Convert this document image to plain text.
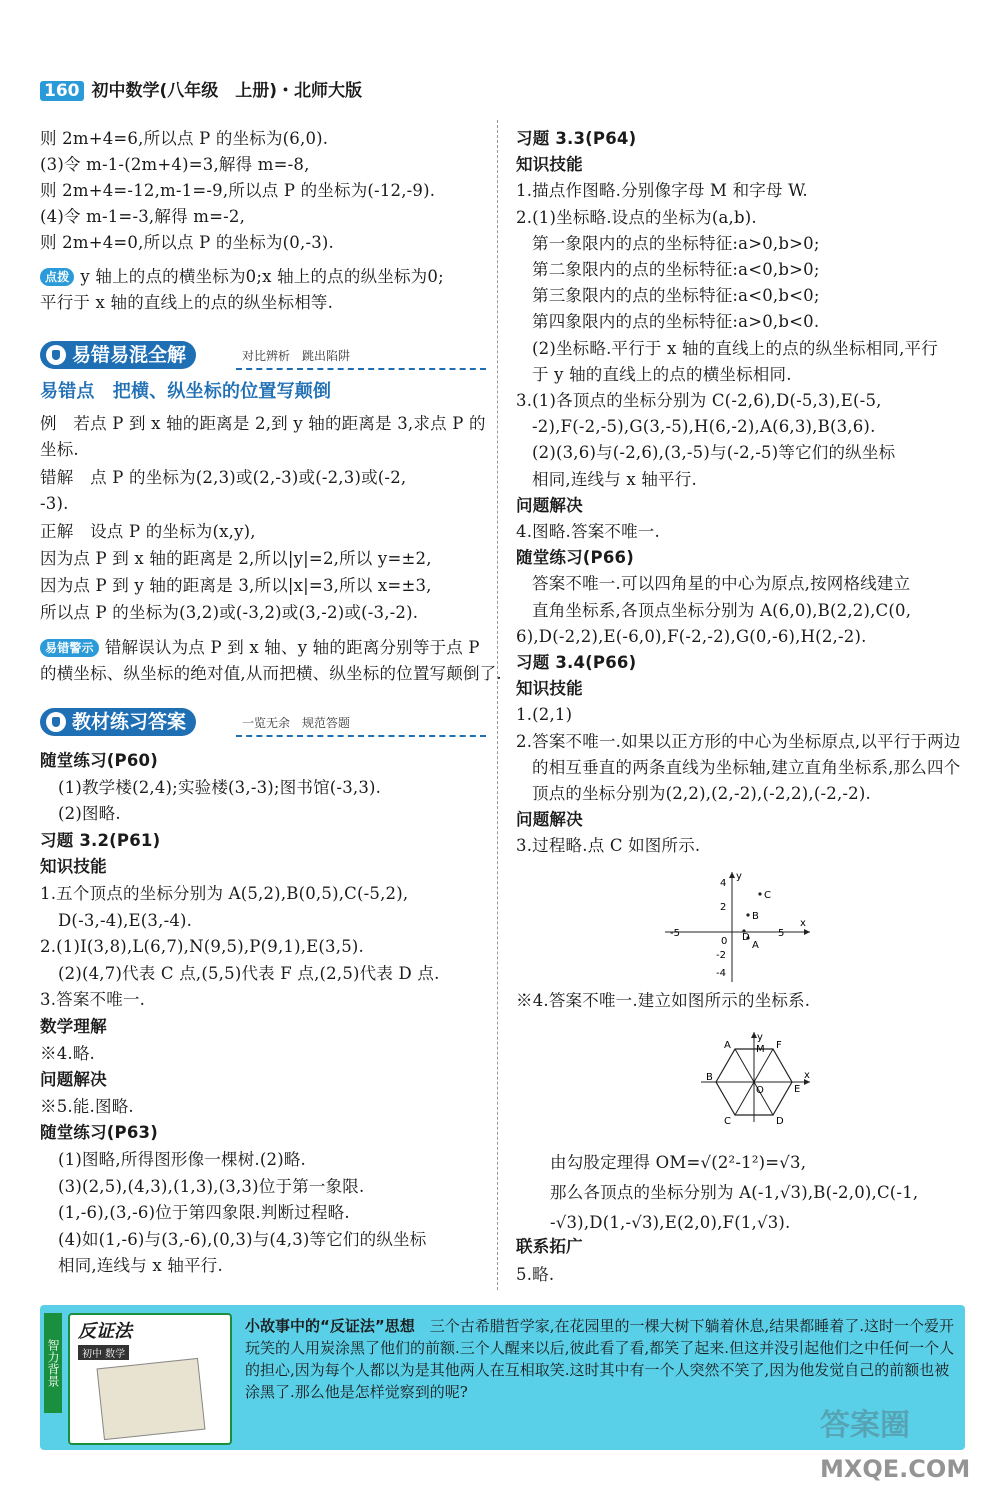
160 初中数学(八年级　上册)・北师大版
易错易混全解	对比辨析　跳出陷阱
教材练习答案	一览无余　规范答题
y
4
2
0
-2
-4
-5	5
x
C
B
A
D
y
M
A	F
B
O	E
x
C	D
智力背景
反证法
初中 数学
小故事中的“反证法”思想　 三个古希腊哲学家,在花园里的一棵大树下躺着休息,结果都睡着了.这时一个爱开玩笑的人用炭涂黑了他们的前额.三个人醒来以后,彼此看了看,都笑了起来.但这并没引起他们之中任何一个人的担心,因为每个人都以为是其他两人在互相取笑.这时其中有一个人突然不笑了,因为他发觉自己的前额也被涂黑了.那么他是怎样觉察到的呢?
答案圈
MXQE.COM
则 2m+4=6,所以点 P 的坐标为(6,0).
(3)令 m-1-(2m+4)=3,解得 m=-8,
则 2m+4=-12,m-1=-9,所以点 P 的坐标为(-12,-9).
(4)令 m-1=-3,解得 m=-2,
则 2m+4=0,所以点 P 的坐标为(0,-3).
点拨 y 轴上的点的横坐标为0;x 轴上的点的纵坐标为0;
平行于 x 轴的直线上的点的纵坐标相等.
易错点　把横、纵坐标的位置写颠倒
例　若点 P 到 x 轴的距离是 2,到 y 轴的距离是 3,求点 P 的
坐标.
错解　点 P 的坐标为(2,3)或(2,-3)或(-2,3)或(-2,
-3).
正解　设点 P 的坐标为(x,y),
因为点 P 到 x 轴的距离是 2,所以|y|=2,所以 y=±2,
因为点 P 到 y 轴的距离是 3,所以|x|=3,所以 x=±3,
所以点 P 的坐标为(3,2)或(-3,2)或(3,-2)或(-3,-2).
易错警示 错解误认为点 P 到 x 轴、y 轴的距离分别等于点 P
的横坐标、纵坐标的绝对值,从而把横、纵坐标的位置写颠倒了.
随堂练习(P60)
(1)教学楼(2,4);实验楼(3,-3);图书馆(-3,3).
(2)图略.
习题 3.2(P61)
知识技能
1.五个顶点的坐标分别为 A(5,2),B(0,5),C(-5,2),
D(-3,-4),E(3,-4).
2.(1)I(3,8),L(6,7),N(9,5),P(9,1),E(3,5).
(2)(4,7)代表 C 点,(5,5)代表 F 点,(2,5)代表 D 点.
3.答案不唯一.
数学理解
※4.略.
问题解决
※5.能.图略.
随堂练习(P63)
(1)图略,所得图形像一棵树.(2)略.
(3)(2,5),(4,3),(1,3),(3,3)位于第一象限.
(1,-6),(3,-6)位于第四象限.判断过程略.
(4)如(1,-6)与(3,-6),(0,3)与(4,3)等它们的纵坐标
相同,连线与 x 轴平行.
习题 3.3(P64)
知识技能
1.描点作图略.分别像字母 M 和字母 W.
2.(1)坐标略.设点的坐标为(a,b).
第一象限内的点的坐标特征:a>0,b>0;
第二象限内的点的坐标特征:a<0,b>0;
第三象限内的点的坐标特征:a<0,b<0;
第四象限内的点的坐标特征:a>0,b<0.
(2)坐标略.平行于 x 轴的直线上的点的纵坐标相同,平行
于 y 轴的直线上的点的横坐标相同.
3.(1)各顶点的坐标分别为 C(-2,6),D(-5,3),E(-5,
-2),F(-2,-5),G(3,-5),H(6,-2),A(6,3),B(3,6).
(2)(3,6)与(-2,6),(3,-5)与(-2,-5)等它们的纵坐标
相同,连线与 x 轴平行.
问题解决
4.图略.答案不唯一.
随堂练习(P66)
答案不唯一.可以四角星的中心为原点,按网格线建立
直角坐标系,各顶点坐标分别为 A(6,0),B(2,2),C(0,
6),D(-2,2),E(-6,0),F(-2,-2),G(0,-6),H(2,-2).
习题 3.4(P66)
知识技能
1.(2,1)
2.答案不唯一.如果以正方形的中心为坐标原点,以平行于两边
的相互垂直的两条直线为坐标轴,建立直角坐标系,那么四个
顶点的坐标分别为(2,2),(2,-2),(-2,2),(-2,-2).
问题解决
3.过程略.点 C 如图所示.
※4.答案不唯一.建立如图所示的坐标系.
由勾股定理得 OM=√(2²-1²)=√3,
那么各顶点的坐标分别为 A(-1,√3),B(-2,0),C(-1,
-√3),D(1,-√3),E(2,0),F(1,√3).
联系拓广
5.略.
